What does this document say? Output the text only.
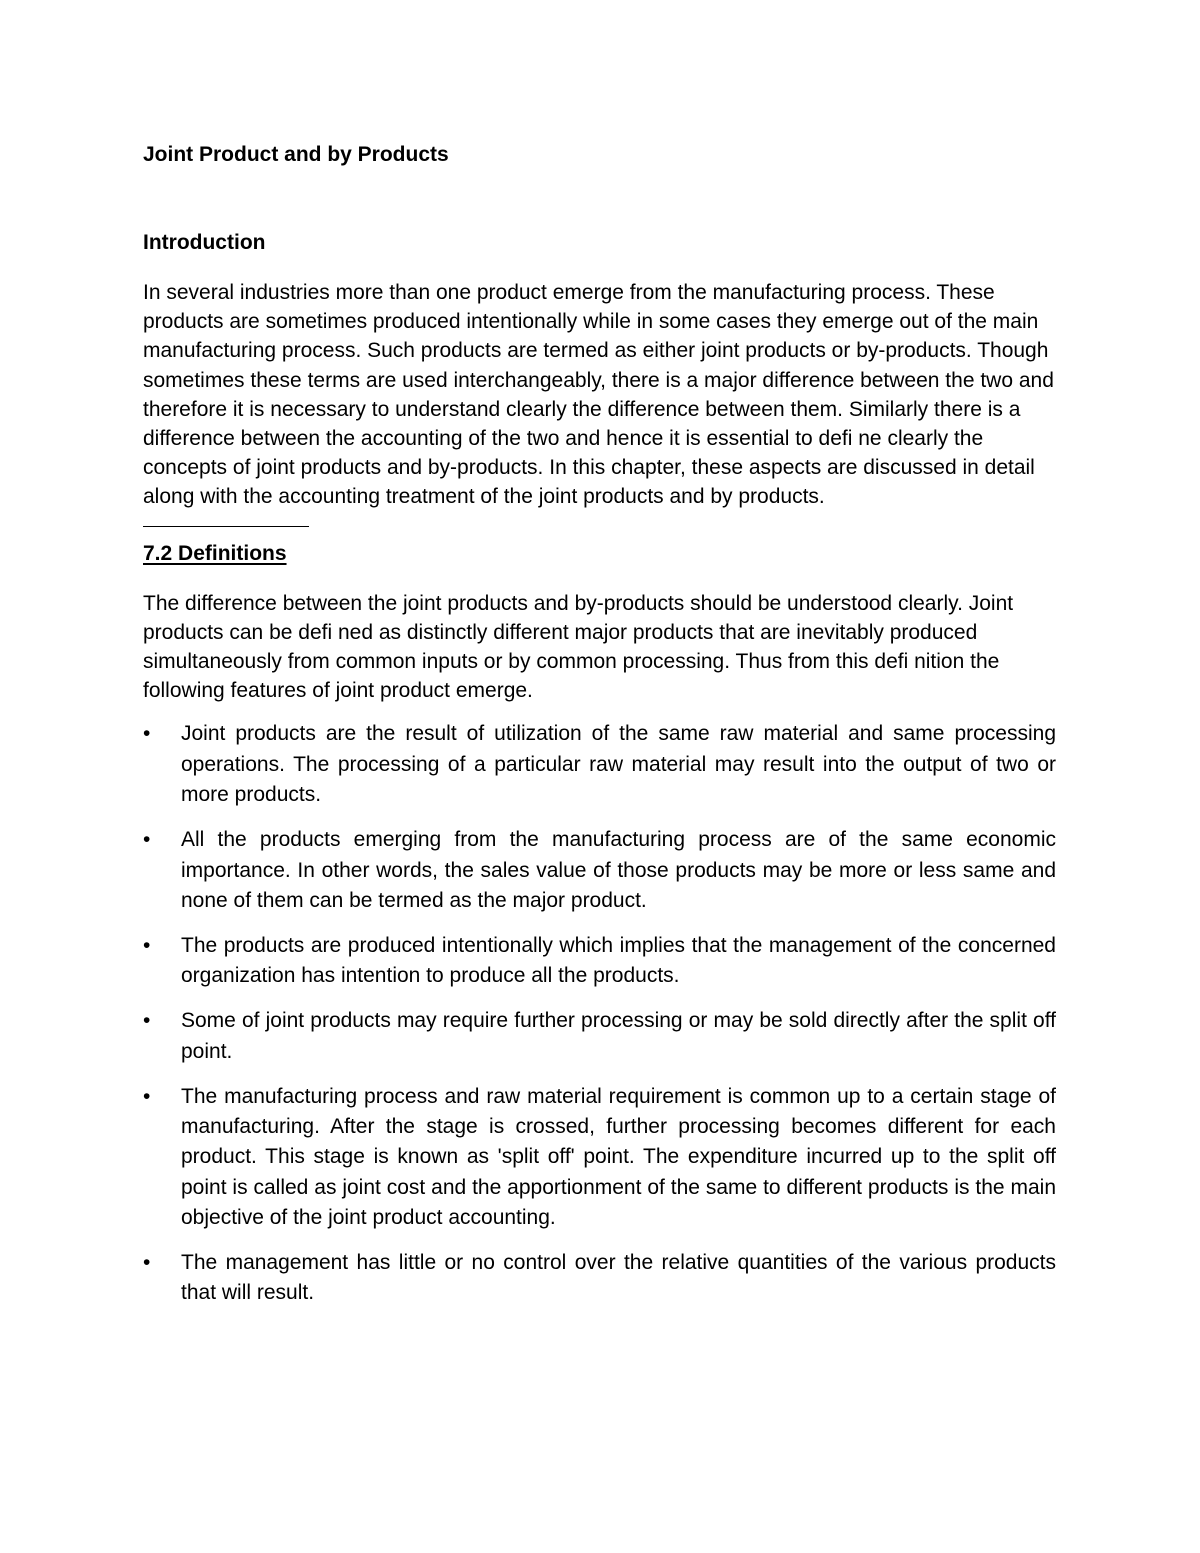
Joint Product and by Products
Introduction

In several industries more than one product emerge from the manufacturing process. These products are sometimes produced intentionally while in some cases they emerge out of the main manufacturing process. Such products are termed as either joint products or by-products. Though sometimes these terms are used interchangeably, there is a major difference between the two and therefore it is necessary to understand clearly the difference between them. Similarly there is a difference between the accounting of the two and hence it is essential to defi ne clearly the concepts of joint products and by-products. In this chapter, these aspects are discussed in detail along with the accounting treatment of the joint products and by products.

7.2 Definitions

The difference between the joint products and by-products should be understood clearly. Joint products can be defi ned as distinctly different major products that are inevitably produced simultaneously from common inputs or by common processing. Thus from this defi nition the following features of joint product emerge.

•	Joint products are the result of utilization of the same raw material and same processing operations. The processing of a particular raw material may result into the output of two or more products.
•	All the products emerging from the manufacturing process are of the same economic importance. In other words, the sales value of those products may be more or less same and none of them can be termed as the major product.
•	The products are produced intentionally which implies that the management of the concerned organization has intention to produce all the products.
•	Some of joint products may require further processing or may be sold directly after the split off point.
•	The manufacturing process and raw material requirement is common up to a certain stage of manufacturing. After the stage is crossed, further processing becomes different for each product. This stage is known as 'split off' point. The expenditure incurred up to the split off point is called as joint cost and the apportionment of the same to different products is the main objective of the joint product accounting.
•	The management has little or no control over the relative quantities of the various products that will result.
